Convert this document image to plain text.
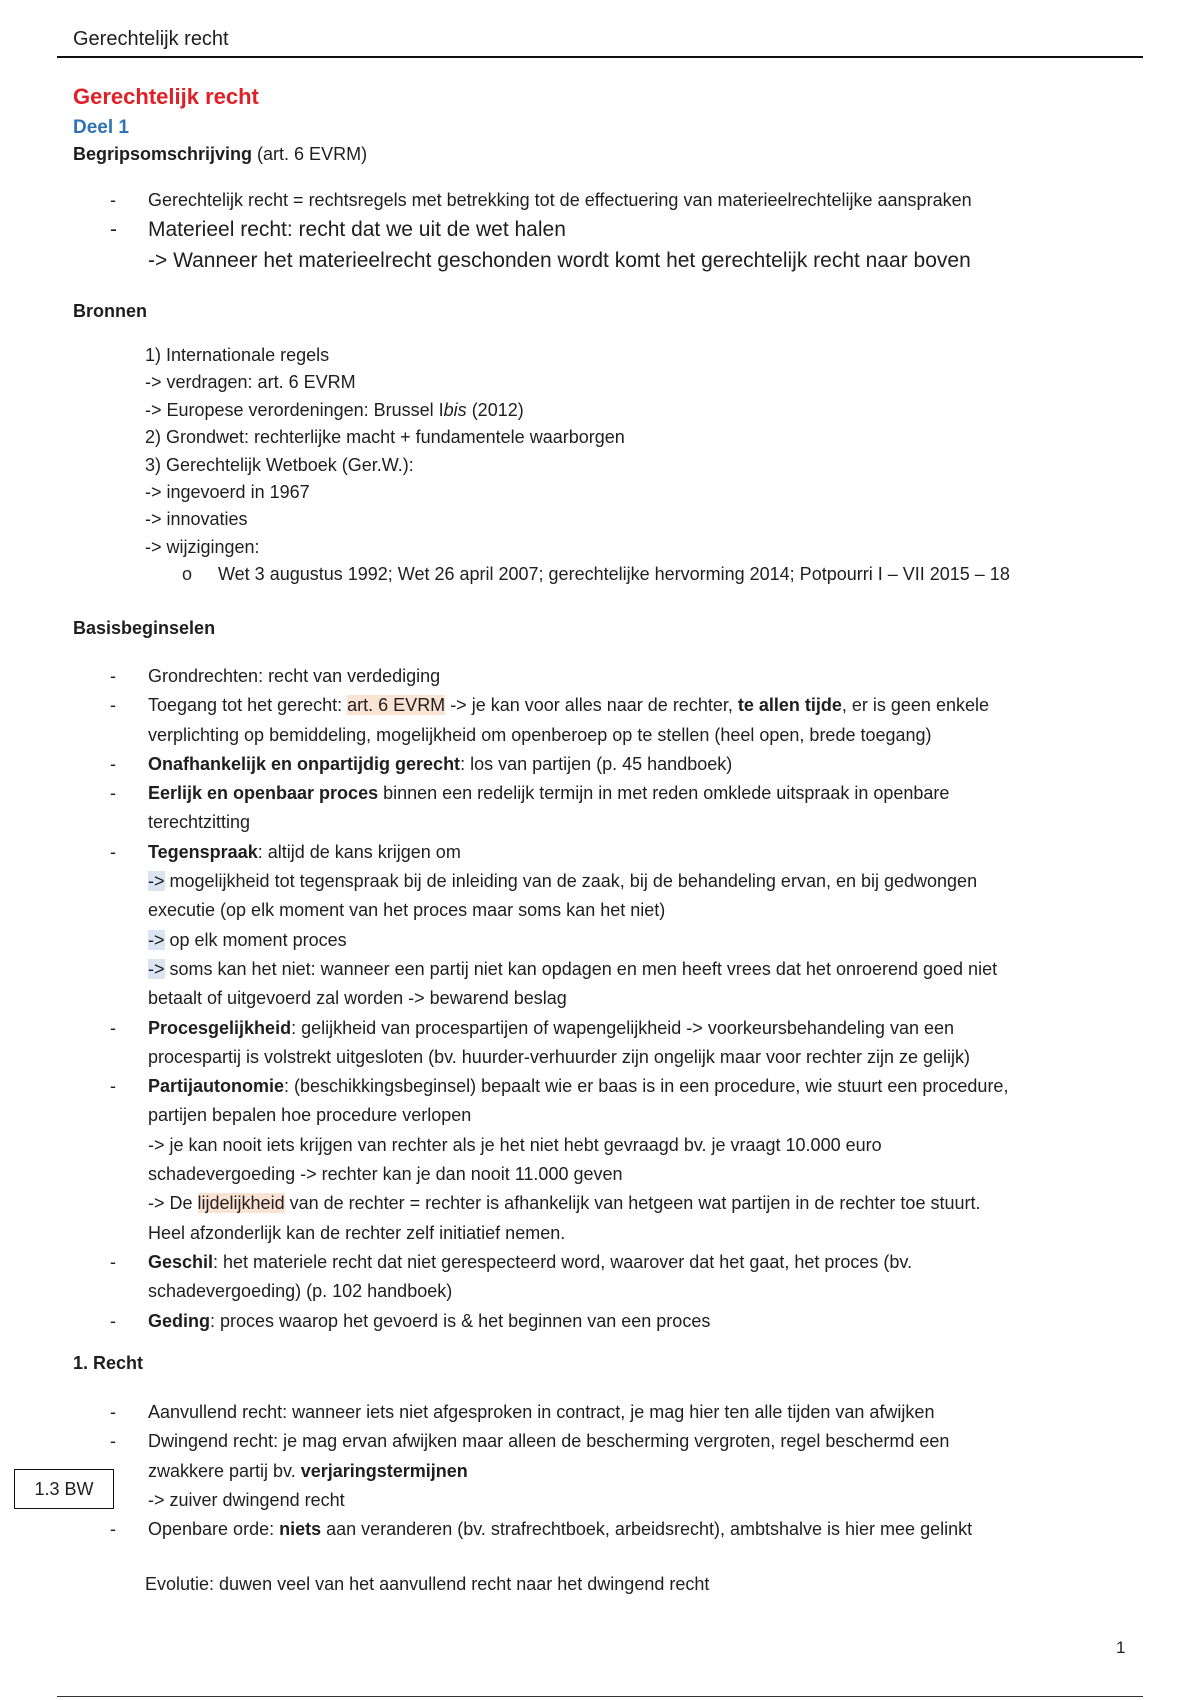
Gerechtelijk recht
Gerechtelijk recht
Deel 1
Begripsomschrijving (art. 6 EVRM)
-	Gerechtelijk recht = rechtsregels met betrekking tot de effectuering van materieelrechtelijke aanspraken
-	Materieel recht: recht dat we uit de wet halen
-> Wanneer het materieelrecht geschonden wordt komt het gerechtelijk recht naar boven
Bronnen
1) Internationale regels
-> verdragen: art. 6 EVRM
-> Europese verordeningen: Brussel Ibis (2012)
2) Grondwet: rechterlijke macht + fundamentele waarborgen
3) Gerechtelijk Wetboek (Ger.W.):
-> ingevoerd in 1967
-> innovaties
-> wijzigingen:
o	Wet 3 augustus 1992; Wet 26 april 2007; gerechtelijke hervorming 2014; Potpourri I – VII 2015 – 18
Basisbeginselen
-	Grondrechten: recht van verdediging
-	Toegang tot het gerecht: art. 6 EVRM -> je kan voor alles naar de rechter, te allen tijde, er is geen enkele
verplichting op bemiddeling, mogelijkheid om openberoep op te stellen (heel open, brede toegang)
-	Onafhankelijk en onpartijdig gerecht: los van partijen (p. 45 handboek)
-	Eerlijk en openbaar proces binnen een redelijk termijn in met reden omklede uitspraak in openbare
terechtzitting
-	Tegenspraak: altijd de kans krijgen om
-> mogelijkheid tot tegenspraak bij de inleiding van de zaak, bij de behandeling ervan, en bij gedwongen
executie (op elk moment van het proces maar soms kan het niet)
-> op elk moment proces
-> soms kan het niet: wanneer een partij niet kan opdagen en men heeft vrees dat het onroerend goed niet
betaalt of uitgevoerd zal worden -> bewarend beslag
-	Procesgelijkheid: gelijkheid van procespartijen of wapengelijkheid -> voorkeursbehandeling van een
procespartij is volstrekt uitgesloten (bv. huurder-verhuurder zijn ongelijk maar voor rechter zijn ze gelijk)
-	Partijautonomie: (beschikkingsbeginsel) bepaalt wie er baas is in een procedure, wie stuurt een procedure,
partijen bepalen hoe procedure verlopen
-> je kan nooit iets krijgen van rechter als je het niet hebt gevraagd bv. je vraagt 10.000 euro
schadevergoeding -> rechter kan je dan nooit 11.000 geven
-> De lijdelijkheid van de rechter = rechter is afhankelijk van hetgeen wat partijen in de rechter toe stuurt.
Heel afzonderlijk kan de rechter zelf initiatief nemen.
-	Geschil: het materiele recht dat niet gerespecteerd word, waarover dat het gaat, het proces (bv.
schadevergoeding) (p. 102 handboek)
-	Geding: proces waarop het gevoerd is & het beginnen van een proces
1. Recht
-	Aanvullend recht: wanneer iets niet afgesproken in contract, je mag hier ten alle tijden van afwijken
-	Dwingend recht: je mag ervan afwijken maar alleen de bescherming vergroten, regel beschermd een
zwakkere partij bv. verjaringstermijnen
-> zuiver dwingend recht
-	Openbare orde: niets aan veranderen (bv. strafrechtboek, arbeidsrecht), ambtshalve is hier mee gelinkt
Evolutie: duwen veel van het aanvullend recht naar het dwingend recht
1.3 BW
1
